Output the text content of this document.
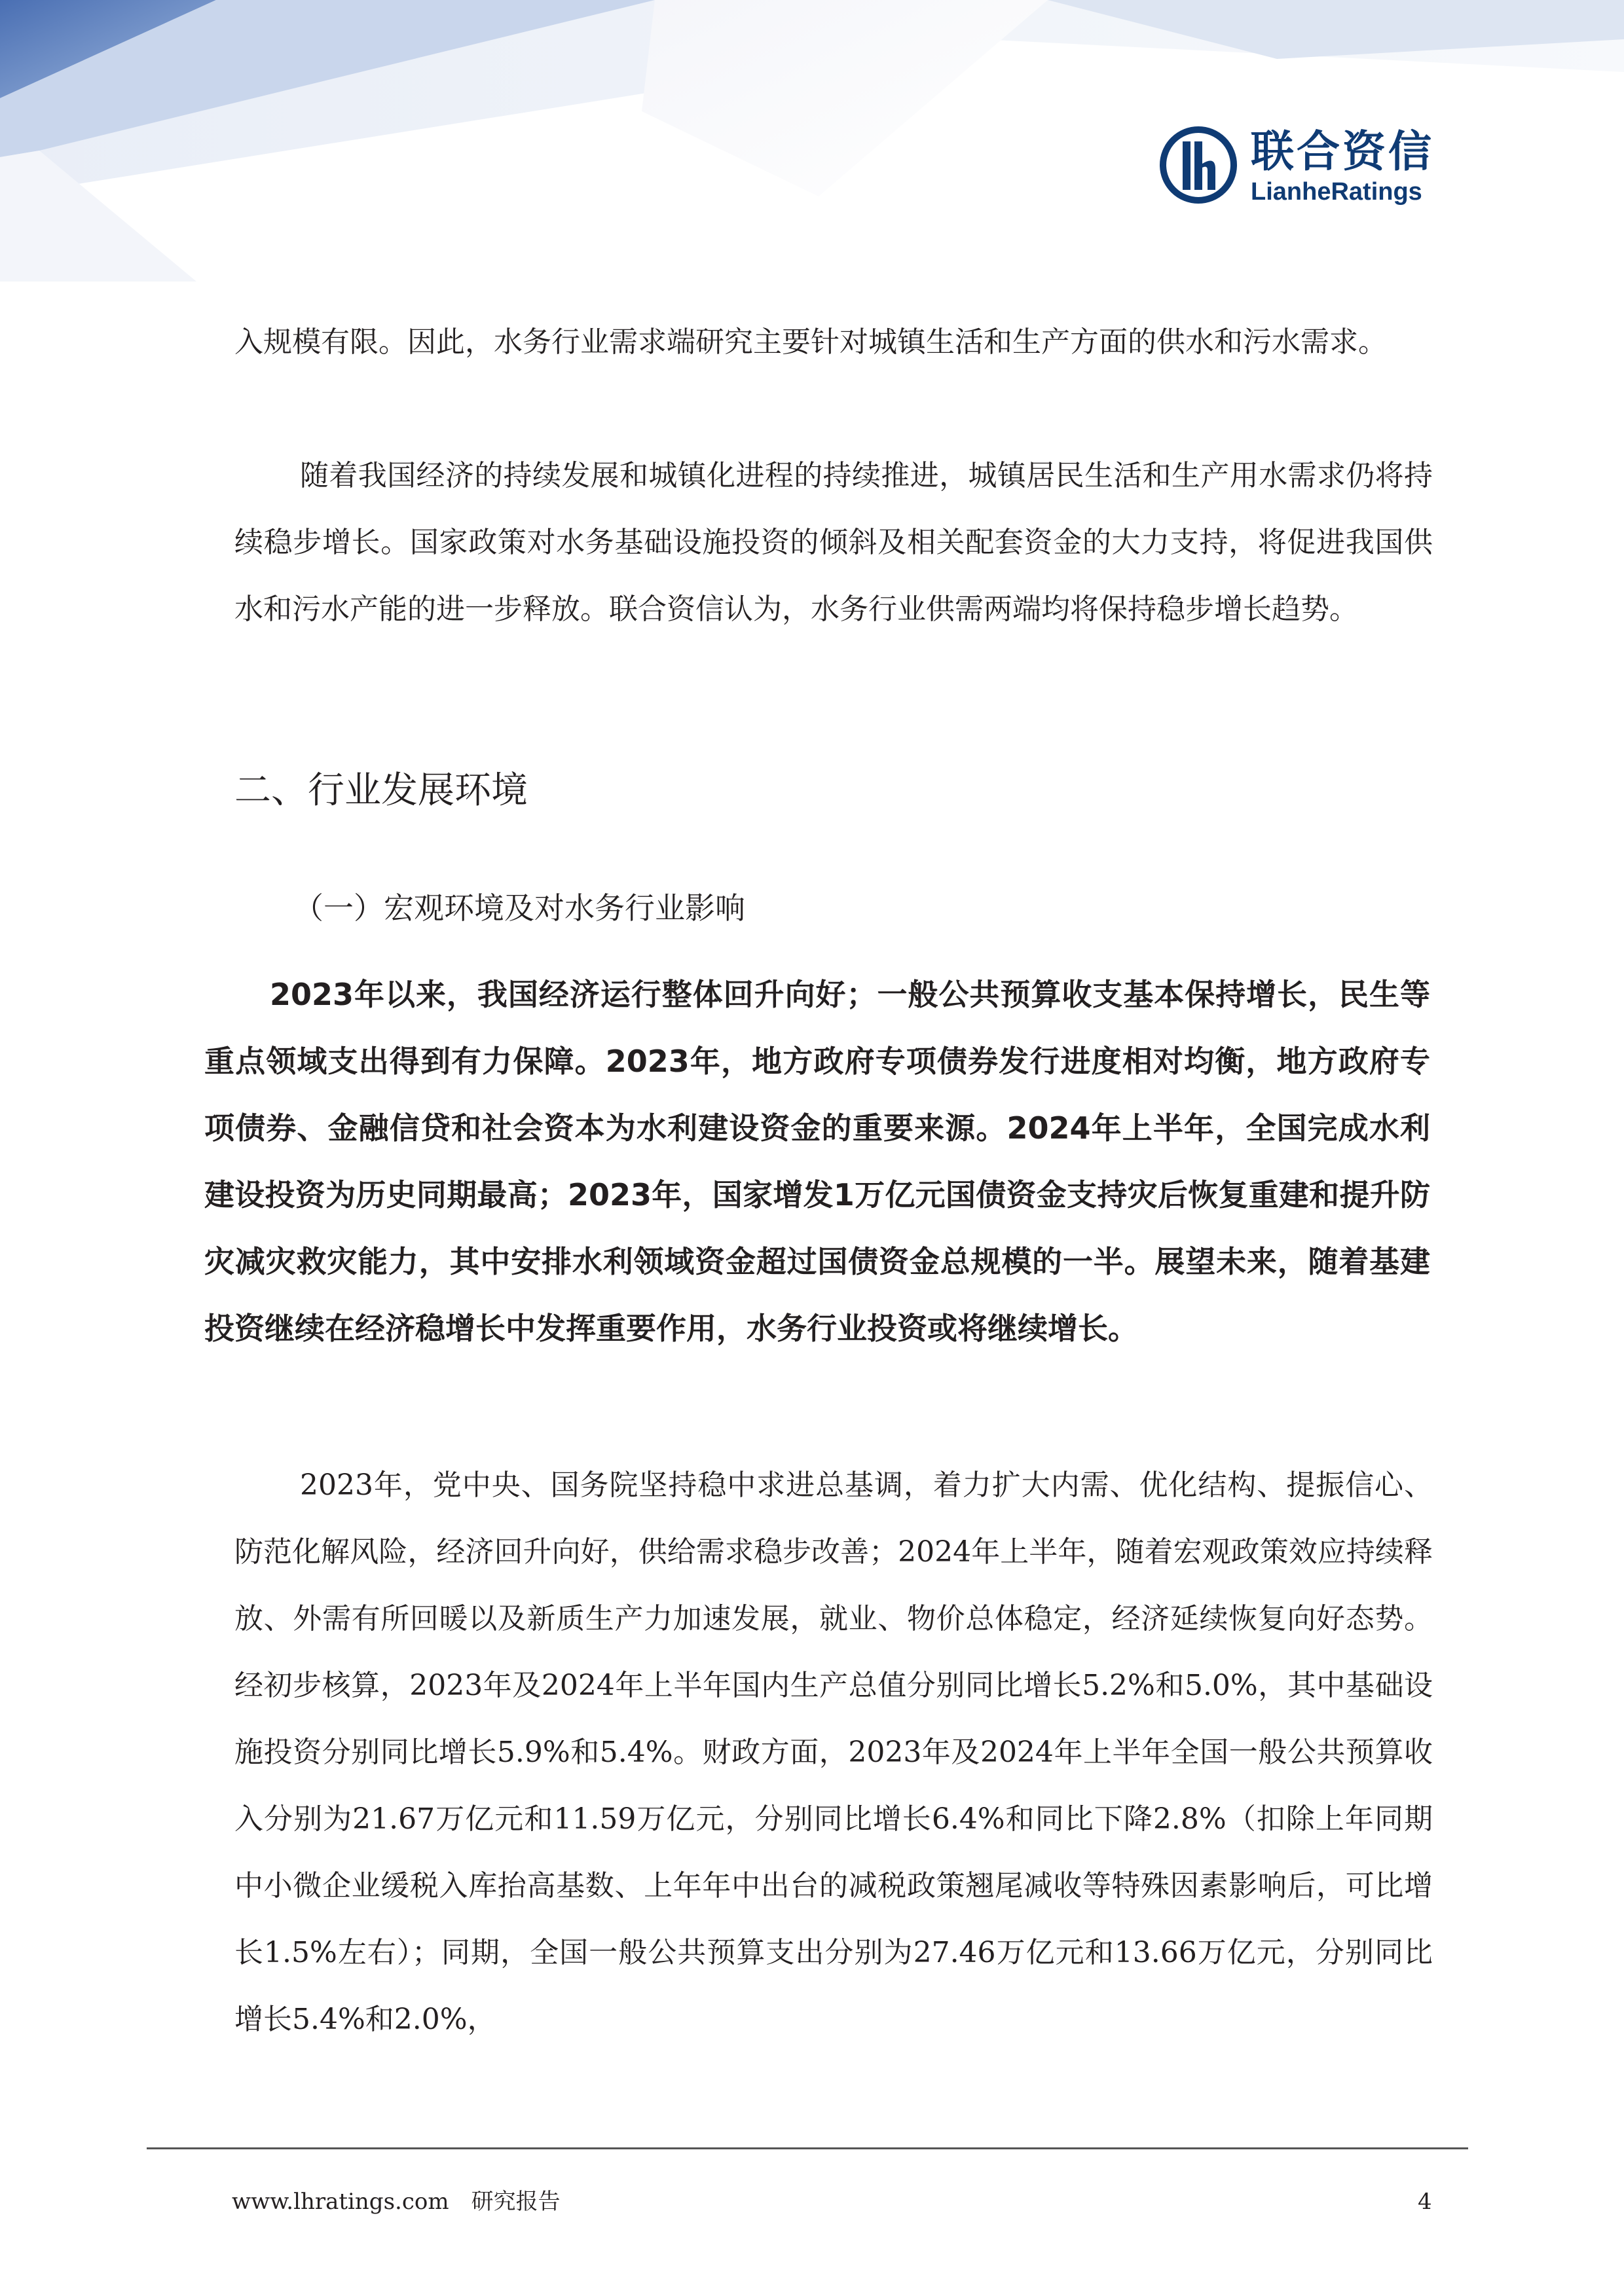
联合资信
LianheRatings

入规模有限。因此，水务行业需求端研究主要针对城镇生活和生产方面的供水和污水需求。

随着我国经济的持续发展和城镇化进程的持续推进，城镇居民生活和生产用水需求仍将持续稳步增长。国家政策对水务基础设施投资的倾斜及相关配套资金的大力支持，将促进我国供水和污水产能的进一步释放。联合资信认为，水务行业供需两端均将保持稳步增长趋势。

二、行业发展环境
（一）宏观环境及对水务行业影响

2023年以来，我国经济运行整体回升向好；一般公共预算收支基本保持增长，民生等重点领域支出得到有力保障。2023年，地方政府专项债券发行进度相对均衡，地方政府专项债券、金融信贷和社会资本为水利建设资金的重要来源。2024年上半年，全国完成水利建设投资为历史同期最高；2023年，国家增发1万亿元国债资金支持灾后恢复重建和提升防灾减灾救灾能力，其中安排水利领域资金超过国债资金总规模的一半。展望未来，随着基建投资继续在经济稳增长中发挥重要作用，水务行业投资或将继续增长。

2023年，党中央、国务院坚持稳中求进总基调，着力扩大内需、优化结构、提振信心、防范化解风险，经济回升向好，供给需求稳步改善；2024年上半年，随着宏观政策效应持续释放、外需有所回暖以及新质生产力加速发展，就业、物价总体稳定，经济延续恢复向好态势。经初步核算，2023年及2024年上半年国内生产总值分别同比增长5.2%和5.0%，其中基础设施投资分别同比增长5.9%和5.4%。财政方面，2023年及2024年上半年全国一般公共预算收入分别为21.67万亿元和11.59万亿元，分别同比增长6.4%和同比下降2.8%（扣除上年同期中小微企业缓税入库抬高基数、上年年中出台的减税政策翘尾减收等特殊因素影响后，可比增长1.5%左右）；同期，全国一般公共预算支出分别为27.46万亿元和13.66万亿元，分别同比增长5.4%和2.0%，

www.lhratings.com 研究报告	4
